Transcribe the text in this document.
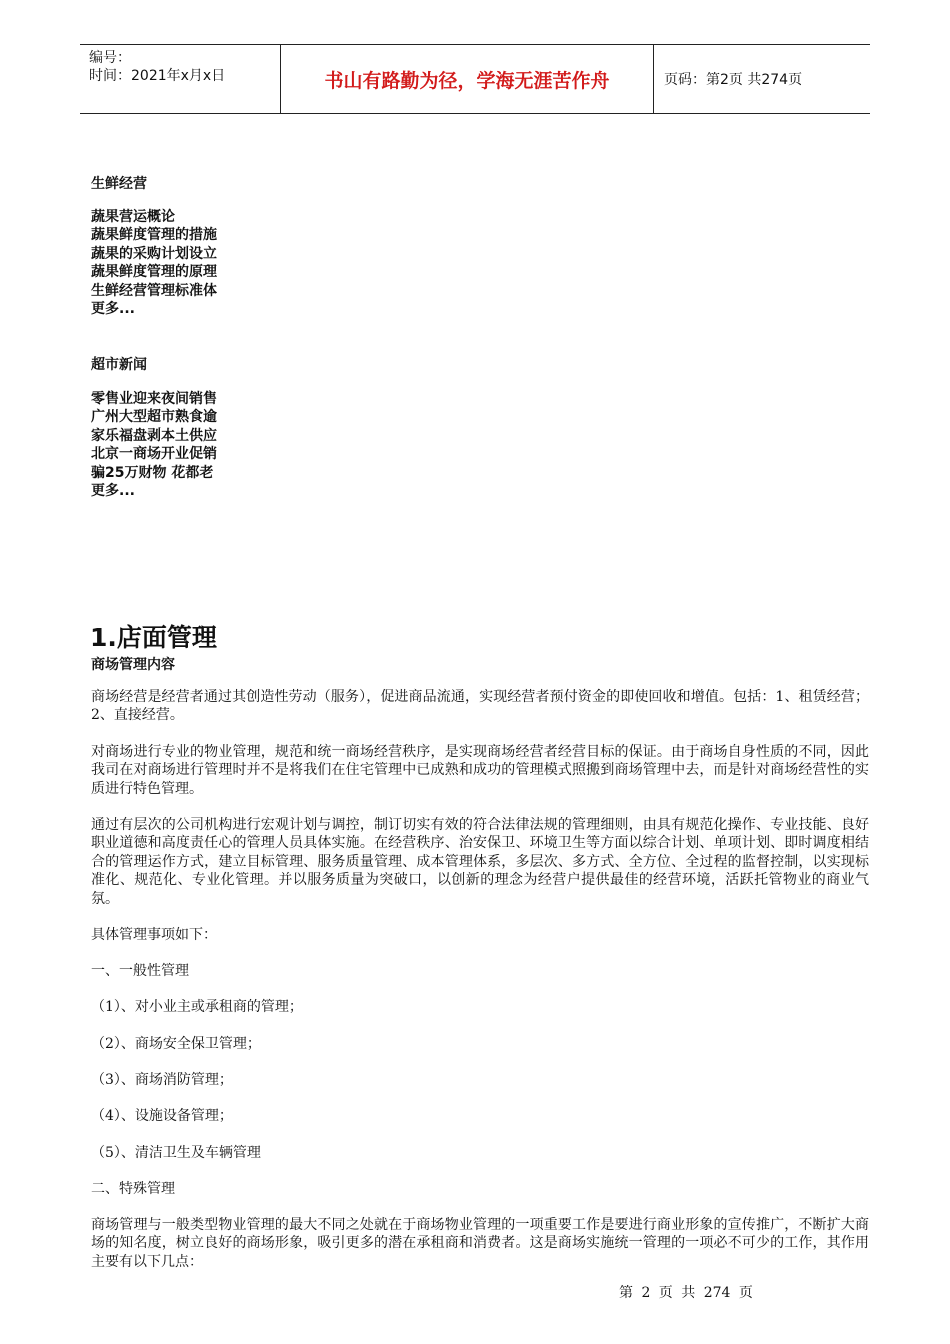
编号：
时间：2021年x月x日	书山有路勤为径，学海无涯苦作舟	页码：第2页 共274页
生鲜经营
蔬果营运概论
蔬果鲜度管理的措施
蔬果的采购计划设立
蔬果鲜度管理的原理
生鲜经营管理标准体
更多...
超市新闻
零售业迎来夜间销售
广州大型超市熟食逾
家乐福盘剥本土供应
北京一商场开业促销
骗25万财物 花都老
更多...
1.店面管理
商场管理内容

商场经营是经营者通过其创造性劳动（服务），促进商品流通，实现经营者预付资金的即使回收和增值。包括：1、租赁经营；2、直接经营。

对商场进行专业的物业管理，规范和统一商场经营秩序，是实现商场经营者经营目标的保证。由于商场自身性质的不同，因此我司在对商场进行管理时并不是将我们在住宅管理中已成熟和成功的管理模式照搬到商场管理中去，而是针对商场经营性的实质进行特色管理。

通过有层次的公司机构进行宏观计划与调控，制订切实有效的符合法律法规的管理细则，由具有规范化操作、专业技能、良好职业道德和高度责任心的管理人员具体实施。在经营秩序、治安保卫、环境卫生等方面以综合计划、单项计划、即时调度相结合的管理运作方式，建立目标管理、服务质量管理、成本管理体系，多层次、多方式、全方位、全过程的监督控制，以实现标准化、规范化、专业化管理。并以服务质量为突破口，以创新的理念为经营户提供最佳的经营环境，活跃托管物业的商业气氛。

具体管理事项如下：
一、一般性管理
（1）、对小业主或承租商的管理；
（2）、商场安全保卫管理；
（3）、商场消防管理；
（4）、设施设备管理；
（5）、清洁卫生及车辆管理
二、特殊管理

商场管理与一般类型物业管理的最大不同之处就在于商场物业管理的一项重要工作是要进行商业形象的宣传推广，不断扩大商场的知名度，树立良好的商场形象，吸引更多的潜在承租商和消费者。这是商场实施统一管理的一项必不可少的工作，其作用主要有以下几点：

第 2 页 共 274 页
